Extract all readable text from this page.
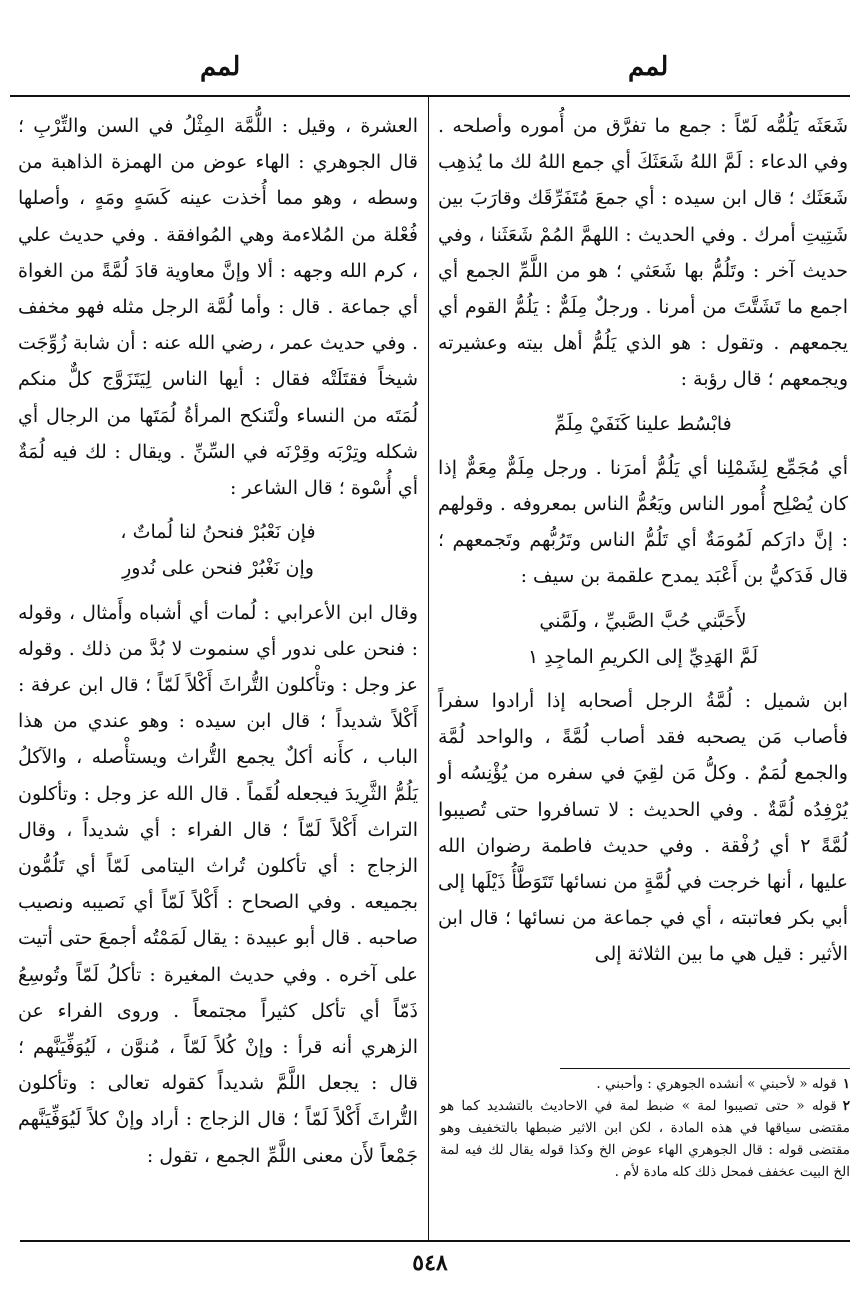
لمم
لمم

شَعَثَه يَلُمُّه لَمّاً : جمع ما تفرَّق من أُموره وأصلحه . وفي الدعاء : لَمَّ اللهُ شَعَثَكَ أي جمع اللهُ لك ما يُذهِب شَعَثَك ؛ قال ابن سيده : أي جمعَ مُتَفَرِّقَك وقارَبَ بين شَتِيتِ أمرك . وفي الحديث : اللهمَّ المُمْ شَعَثَنا ، وفي حديث آخر : وتَلُمُّ بها شَعَثي ؛ هو من اللَّمِّ الجمع أي اجمع ما تَشَتَّتَ من أمرنا . ورجلٌ مِلَمٌّ : يَلُمُّ القوم أي يجمعهم . وتقول : هو الذي يَلُمُّ أهل بيته وعشيرته ويجمعهم ؛ قال رؤبة :

فابْسُط علينا كَنَفَيْ مِلَمِّ

أي مُجَمِّع لِشَمْلِنا أي يَلُمُّ أمرَنا . ورجل مِلَمٌّ مِعَمٌّ إذا كان يُصْلِح أُمور الناس ويَعُمُّ الناس بمعروفه . وقولهم : إنَّ دارَكم لَمُومَةٌ أي تَلُمُّ الناس وتَرُبُّهم وتَجمعهم ؛ قال فَدَكيُّ بن أَعْبَد يمدح علقمة بن سيف :

لأَحَبَّني حُبَّ الصَّبيِّ ، ولَمَّني
لَمَّ الهَدِيِّ إلى الكريمِ الماجِدِ ١

ابن شميل : لُمَّةُ الرجل أصحابه إذا أرادوا سفراً فأصاب مَن يصحبه فقد أصاب لُمَّةً ، والواحد لُمَّة والجمع لُمَمٌ . وكلُّ مَن لقِيَ في سفره من يُؤْنِسُه أو يُرْفِدُه لُمَّةٌ . وفي الحديث : لا تسافروا حتى تُصيبوا لُمَّةً ٢ أي رُفْقة . وفي حديث فاطمة رضوان الله عليها ، أنها خرجت في لُمَّةٍ من نسائها تَتَوَطَّأُ ذَيْلَها إلى أبي بكر فعاتبته ، أي في جماعة من نسائها ؛ قال ابن الأثير : قيل هي ما بين الثلاثة إلى

العشرة ، وقيل : اللُّمَّة المِثْلُ في السن والتِّرْبِ ؛ قال الجوهري : الهاء عوض من الهمزة الذاهبة من وسطه ، وهو مما أُخذت عينه كَسَهٍ ومَهٍ ، وأصلها فُعْلة من المُلاءمة وهي المُوافقة . وفي حديث علي ، كرم الله وجهه : ألا وإنَّ معاوية قادَ لُمَّةً من الغواة أي جماعة . قال : وأما لُمَّة الرجل مثله فهو مخفف . وفي حديث عمر ، رضي الله عنه : أن شابة زُوِّجَت شيخاً فقتَلَتْه فقال : أيها الناس لِيَتَزَوَّج كلٌّ منكم لُمَتَه من النساء ولْتَنكح المرأةُ لُمَتَها من الرجال أي شكله وتِرْبَه وقِرْنَه في السِّنِّ . ويقال : لك فيه لُمَةٌ أي أُسْوة ؛ قال الشاعر :

فإن نَعْبُرْ فنحنُ لنا لُماتٌ ،
وإن نَغْبُرْ فنحن على نُدورِ

وقال ابن الأعرابي : لُمات أي أشباه وأَمثال ، وقوله : فنحن على ندور أي سنموت لا بُدَّ من ذلك . وقوله عز وجل : وتأْكلون التُّراثَ أَكْلاً لَمّاً ؛ قال ابن عرفة : أَكْلاً شديداً ؛ قال ابن سيده : وهو عندي من هذا الباب ، كأَنه أكلٌ يجمع التُّراث ويستأْصله ، والآكلُ يَلُمُّ الثَّرِيدَ فيجعله لُقَماً . قال الله عز وجل : وتأكلون التراث أَكْلاً لَمّاً ؛ قال الفراء : أي شديداً ، وقال الزجاج : أي تأكلون تُراث اليتامى لَمّاً أي تَلُمُّون بجميعه . وفي الصحاح : أَكْلاً لَمّاً أي نَصيبه ونصيب صاحبه . قال أبو عبيدة : يقال لَمَمْتُه أجمعَ حتى أتيت على آخره . وفي حديث المغيرة : تأكلُ لَمّاً وتُوسِعُ ذَمّاً أي تأكل كثيراً مجتمعاً . وروى الفراء عن الزهري أنه قرأ : وإنْ كُلاً لَمّاً ، مُنوَّن ، لَيُوَفِّيَنَّهم ؛ قال : يجعل اللَّمَّ شديداً كقوله تعالى : وتأكلون التُّراثَ أَكْلاً لَمّاً ؛ قال الزجاج : أراد وإنْ كلاً لَيُوَفِّيَنَّهم جَمْعاً لأَن معنى اللَّمِّ الجمع ، تقول :

١قوله « لأحبني » أنشده الجوهري : وأحبني .

٢قوله « حتى تصيبوا لمة » ضبط لمة في الاحاديث بالتشديد كما هو مقتضى سياقها في هذه المادة ، لكن ابن الاثير ضبطها بالتخفيف وهو مقتضى قوله : قال الجوهري الهاء عوض الخ وكذا قوله يقال لك فيه لمة الخ البيت عخفف فمحل ذلك كله مادة لأم .

٥٤٨
